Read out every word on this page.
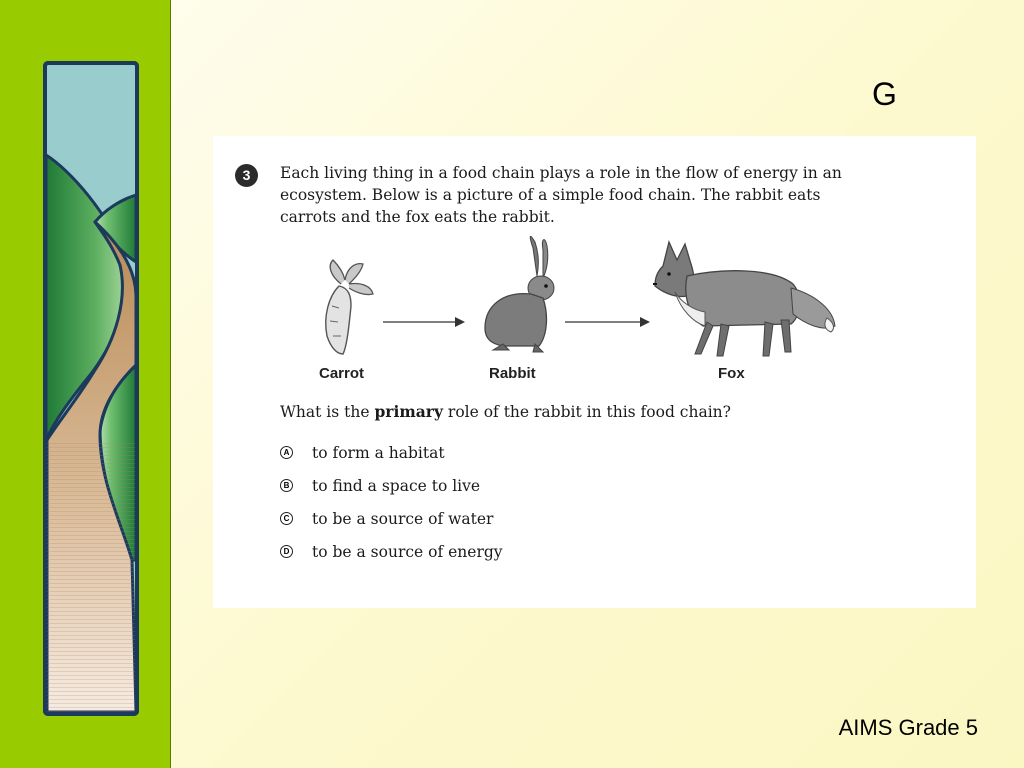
G
3	Each living thing in a food chain plays a role in the flow of energy in an ecosystem. Below is a picture of a simple food chain. The rabbit eats carrots and the fox eats the rabbit.

Carrot	Rabbit	Fox
What is the primary role of the rabbit in this food chain?
A to form a habitat
B to find a space to live
C to be a source of water
D to be a source of energy
AIMS Grade 5
